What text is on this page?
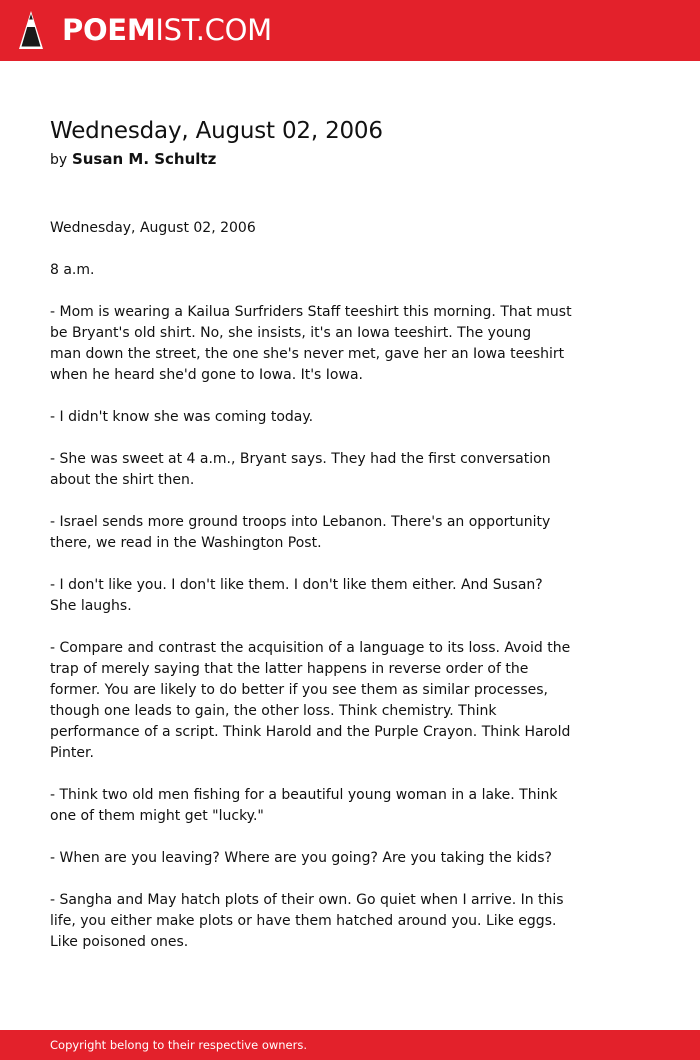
POEMIST.COM
Wednesday, August 02, 2006
by Susan M. Schultz

Wednesday, August 02, 2006

8 a.m.

- Mom is wearing a Kailua Surfriders Staff teeshirt this morning. That must
be Bryant's old shirt. No, she insists, it's an Iowa teeshirt. The young
man down the street, the one she's never met, gave her an Iowa teeshirt
when he heard she'd gone to Iowa. It's Iowa.

- I didn't know she was coming today.

- She was sweet at 4 a.m., Bryant says. They had the first conversation
about the shirt then.

- Israel sends more ground troops into Lebanon. There's an opportunity
there, we read in the Washington Post.

- I don't like you. I don't like them. I don't like them either. And Susan?
She laughs.

- Compare and contrast the acquisition of a language to its loss. Avoid the
trap of merely saying that the latter happens in reverse order of the
former. You are likely to do better if you see them as similar processes,
though one leads to gain, the other loss. Think chemistry. Think
performance of a script. Think Harold and the Purple Crayon. Think Harold
Pinter.

- Think two old men fishing for a beautiful young woman in a lake. Think
one of them might get "lucky."

- When are you leaving? Where are you going? Are you taking the kids?

- Sangha and May hatch plots of their own. Go quiet when I arrive. In this
life, you either make plots or have them hatched around you. Like eggs.
Like poisoned ones.

Copyright belong to their respective owners.
